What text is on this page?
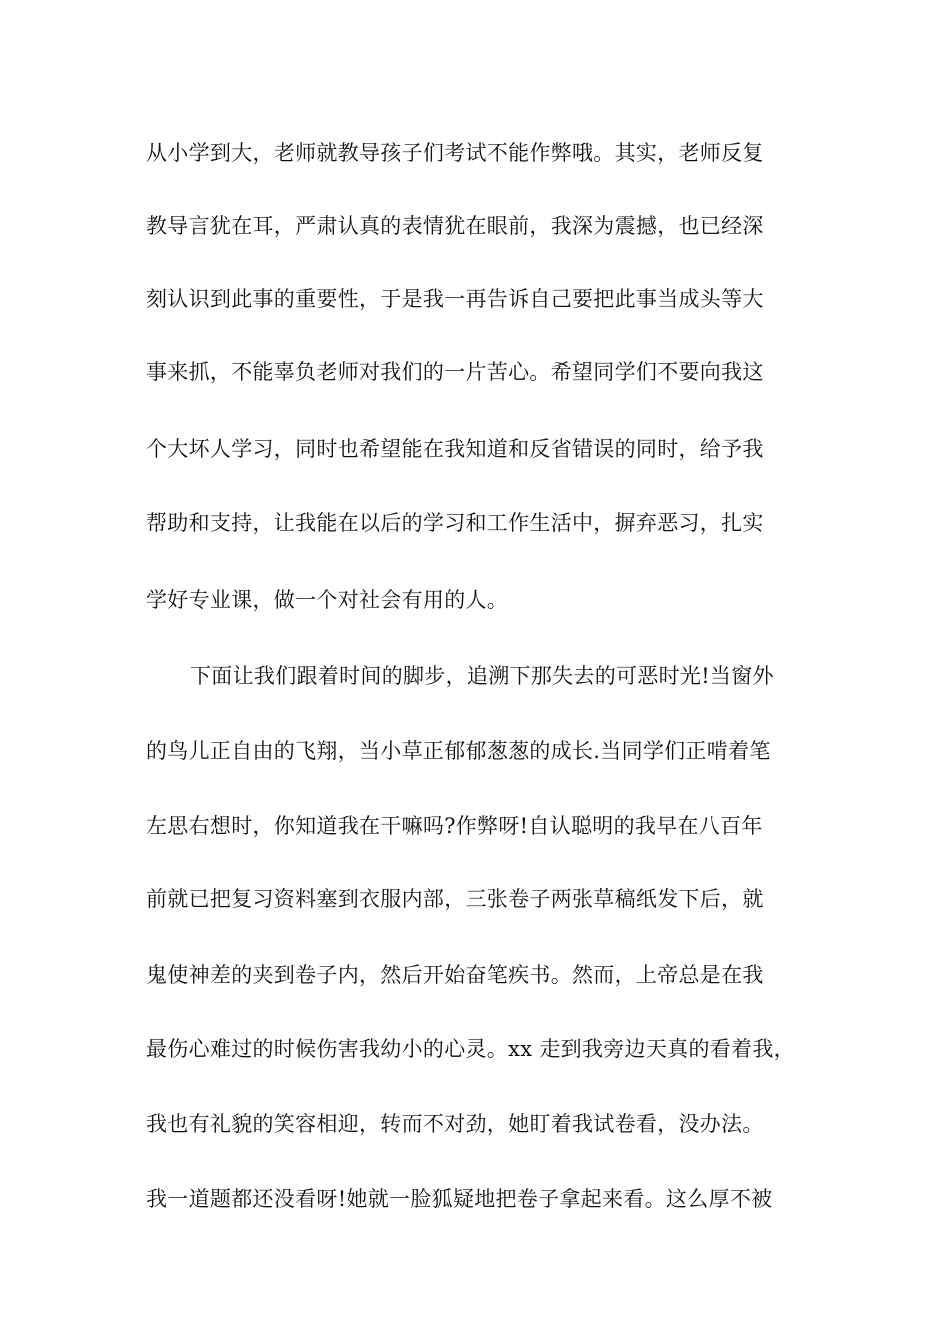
从小学到大，老师就教导孩子们考试不能作弊哦。其实，老师反复
教导言犹在耳，严肃认真的表情犹在眼前，我深为震撼，也已经深
刻认识到此事的重要性，于是我一再告诉自己要把此事当成头等大
事来抓，不能辜负老师对我们的一片苦心。希望同学们不要向我这
个大坏人学习，同时也希望能在我知道和反省错误的同时，给予我
帮助和支持，让我能在以后的学习和工作生活中，摒弃恶习，扎实
学好专业课，做一个对社会有用的人。
下面让我们跟着时间的脚步，追溯下那失去的可恶时光!当窗外
的鸟儿正自由的飞翔，当小草正郁郁葱葱的成长.当同学们正啃着笔
左思右想时，你知道我在干嘛吗?作弊呀!自认聪明的我早在八百年
前就已把复习资料塞到衣服内部，三张卷子两张草稿纸发下后，就
鬼使神差的夹到卷子内，然后开始奋笔疾书。然而，上帝总是在我
最伤心难过的时候伤害我幼小的心灵。xx 走到我旁边天真的看着我，
我也有礼貌的笑容相迎，转而不对劲，她盯着我试卷看，没办法。
我一道题都还没看呀!她就一脸狐疑地把卷子拿起来看。这么厚不被
